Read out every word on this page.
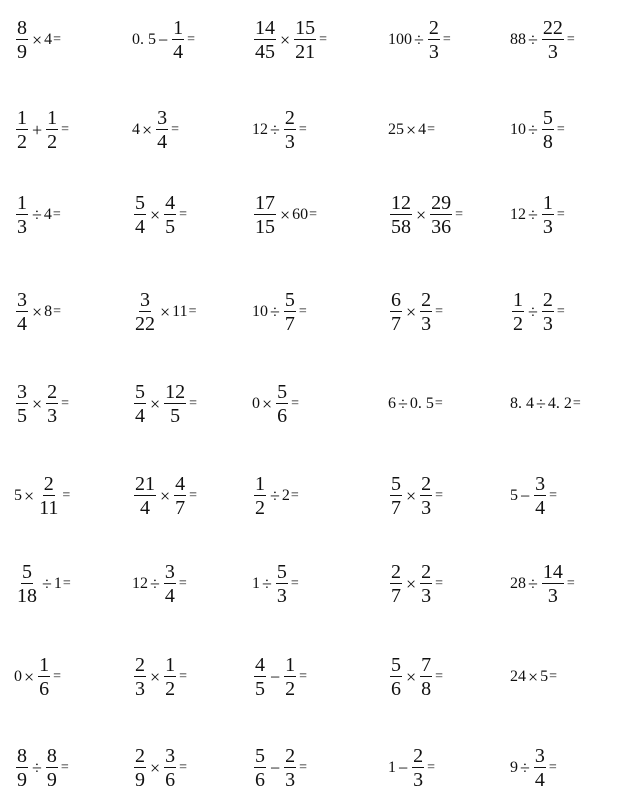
$\frac{8}{9} \times 4$ =	0. $5 - \frac{1}{4}$ =	$\frac{14}{45} \times \frac{15}{21}$ =	$100 \div \frac{2}{3}$ =	$88 \div \frac{22}{3}$ =
$\frac{1}{2} + \frac{1}{2}$ =	$4 \times \frac{3}{4}$ =	$12 \div \frac{2}{3}$ =	25 × 4 =	$10 \div \frac{5}{8}$ =
$\frac{1}{3} \div 4$ =	$\frac{5}{4} \times \frac{4}{5}$ =	$\frac{17}{15} \times 60$ =	$\frac{12}{58} \times \frac{29}{36}$ =	$12 \div \frac{1}{3}$ =
$\frac{3}{4} \times 8$ =	$\frac{3}{22} \times 11$ =	$10 \div \frac{5}{7}$ =	$\frac{6}{7} \times \frac{2}{3}$ =	$\frac{1}{2} \div \frac{2}{3}$ =
$\frac{3}{5} \times \frac{2}{3}$ =	$\frac{5}{4} \times \frac{12}{5}$ =	$0 \times \frac{5}{6}$ =	6 ÷ 0. 5 =	8. 4 ÷ 4. 2 =
$5 \times \frac{2}{11}$ =	$\frac{21}{4} \times \frac{4}{7}$ =	$\frac{1}{2} \div 2$ =	$\frac{5}{7} \times \frac{2}{3}$ =	$5 - \frac{3}{4}$ =
$\frac{5}{18} \div 1$ =	$12 \div \frac{3}{4}$ =	$1 \div \frac{5}{3}$ =	$\frac{2}{7} \times \frac{2}{3}$ =	$28 \div \frac{14}{3}$ =
$0 \times \frac{1}{6}$ =	$\frac{2}{3} \times \frac{1}{2}$ =	$\frac{4}{5} - \frac{1}{2}$ =	$\frac{5}{6} \times \frac{7}{8}$ =	24 × 5 =
$\frac{8}{9} \div \frac{8}{9}$ =	$\frac{2}{9} \times \frac{3}{6}$ =	$\frac{5}{6} - \frac{2}{3}$ =	$1 - \frac{2}{3}$ =	$9 \div \frac{3}{4}$ =
